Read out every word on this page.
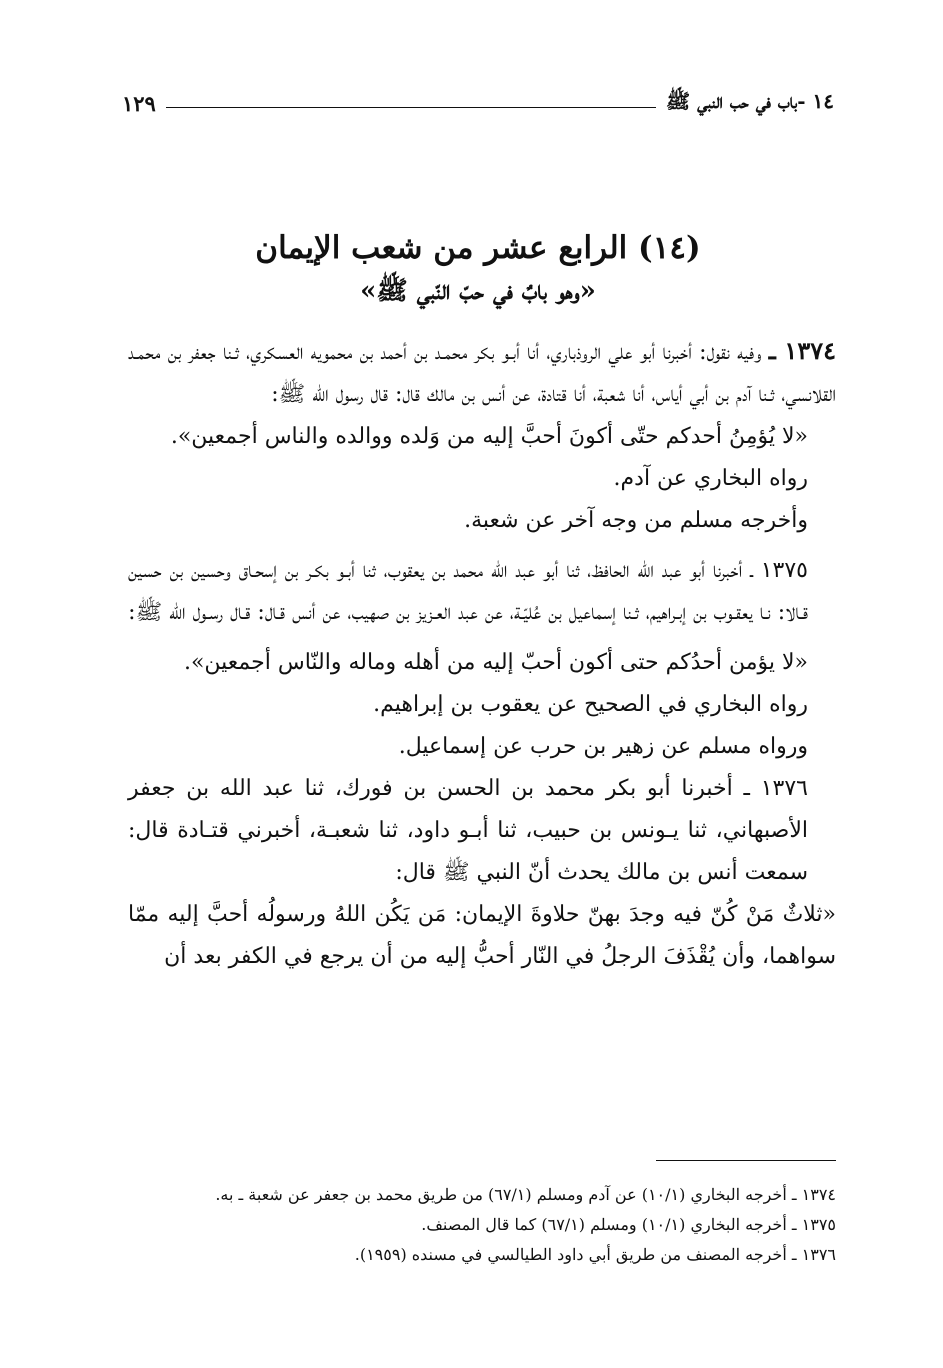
١٤ -باب في حب النبي ﷺ
١٢٩

(١٤) الرابع عشر من شعب الإيمان

«وهو بابٌ في حبّ النّبي ﷺ»

١٣٧٤ ـ وفيه نقول: أخبرنا أبو علي الروذباري، أنا أبـو بكر محمـد بن أحمد بن محمويه العسكري، ثـنا جعفر بن محمـد القلانسي، ثـنا آدم بن أبي أياس، أنا شعبة، أنا قتادة، عن أنس بن مالك قال: قال رسول الله ﷺ:

«لا يُؤمِنُ أحدكم حتّى أكونَ أحبَّ إليه من وَلده ووالده والناس أجمعين».

رواه البخاري عن آدم.

وأخرجه مسلم من وجه آخر عن شعبة.

١٣٧٥ ـ أخبرنا أبو عبد الله الحافظ، ثنا أبو عبد الله محمد بن يعقوب، ثنا أبـو بكـر بن إسحـاق وحسين بن حسين قـالا: نـا يعقـوب بن إبـراهيم، ثـنا إسماعيل بن عُليّـة، عن عبد العـزيز بن صهيب، عن أنس قـال: قـال رسـول الله ﷺ:

«لا يؤمن أحدُكم حتى أكون أحبّ إليه من أهله وماله والنّاس أجمعين».

رواه البخاري في الصحيح عن يعقوب بن إبراهيم.

ورواه مسلم عن زهير بن حرب عن إسماعيل.

١٣٧٦ ـ أخبرنا أبو بكر محمد بن الحسن بن فورك، ثنا عبد الله بن جعفر الأصبهاني، ثنا يـونس بن حبيب، ثنا أبـو داود، ثنا شعبـة، أخبرني قتـادة قال: سمعت أنس بن مالك يحدث أنّ النبي ﷺ قال:

«ثلاثٌ مَنْ كُنّ فيه وجدَ بهنّ حلاوةَ الإيمان: مَن يَكُن اللهُ ورسولُه أحبَّ إليه ممّا سواهما، وأن يُقْذَفَ الرجلُ في النّار أحبُّ إليه من أن يرجع في الكفر بعد أن

١٣٧٤ ـ أخرجه البخاري (١٠/١) عن آدم ومسلم (٦٧/١) من طريق محمد بن جعفر عن شعبة ـ به.

١٣٧٥ ـ أخرجه البخاري (١٠/١) ومسلم (٦٧/١) كما قال المصنف.

١٣٧٦ ـ أخرجه المصنف من طريق أبي داود الطيالسي في مسنده (١٩٥٩).
